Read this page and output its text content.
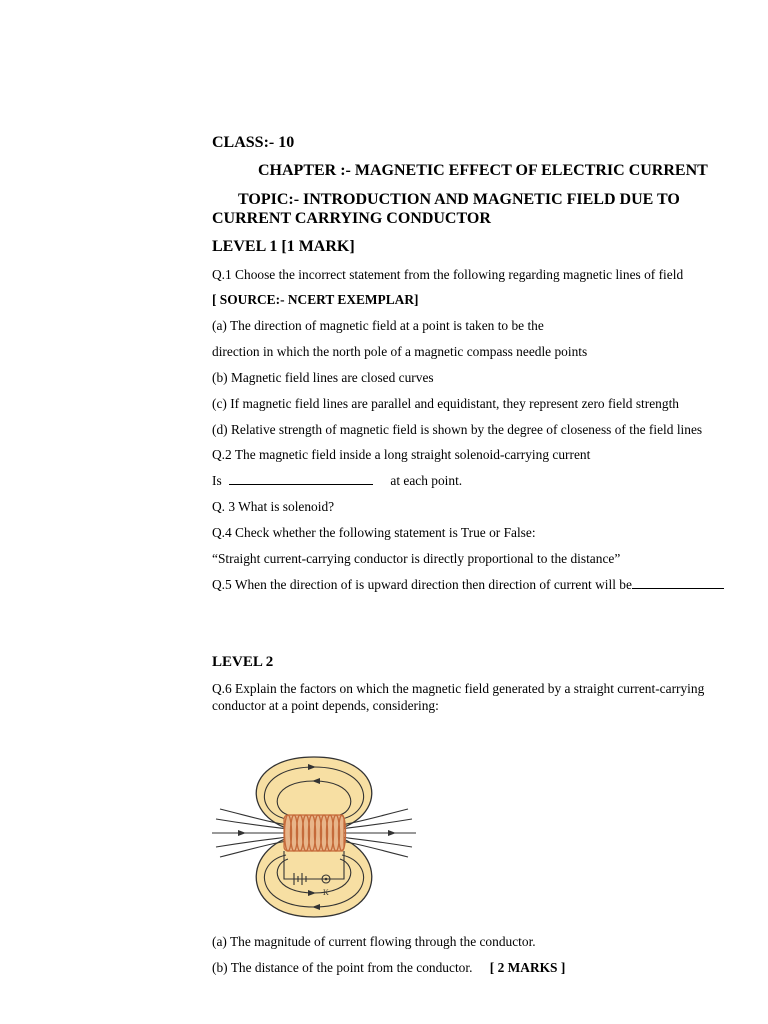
CLASS:- 10
CHAPTER :- MAGNETIC EFFECT OF ELECTRIC CURRENT
TOPIC:- INTRODUCTION AND MAGNETIC FIELD DUE TO
CURRENT CARRYING CONDUCTOR
LEVEL 1 [1 MARK]
Q.1 Choose the incorrect statement from the following regarding magnetic lines of field
[ SOURCE:- NCERT EXEMPLAR]
(a) The direction of magnetic field at a point is taken to be the
direction in which the north pole of a magnetic compass needle points
(b) Magnetic field lines are closed curves
(c) If magnetic field lines are parallel and equidistant, they represent zero field strength
(d) Relative strength of magnetic field is shown by the degree of closeness of the field lines
Q.2 The magnetic field inside a long straight solenoid-carrying current
Is	at each point.
Q. 3 What is solenoid?
Q.4 Check whether the following statement is True or False:
“Straight current-carrying conductor is directly proportional to the distance”
Q.5 When the direction of is upward direction then direction of current will be
LEVEL 2
Q.6 Explain the factors on which the magnetic field generated by a straight current-carrying
conductor at a point depends, considering:
K
(a) The magnitude of current flowing through the conductor.
(b) The distance of the point from the conductor. [ 2 MARKS ]
